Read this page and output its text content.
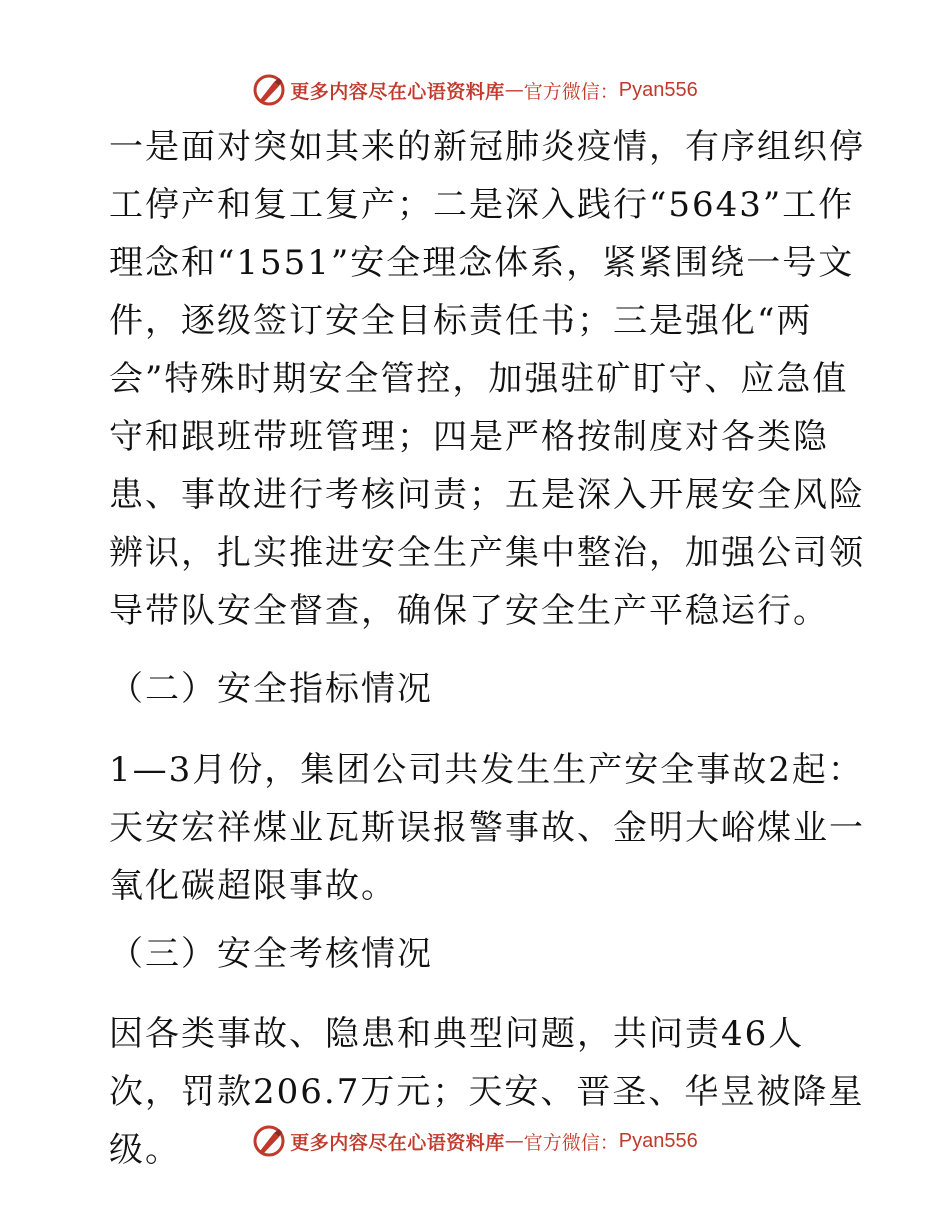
更多内容尽在心语资料库 — 官方微信： Pyan556
一是面对突如其来的新冠肺炎疫情，有序组织停工停产和复工复产；二是深入践行“5643”工作理念和“1551”安全理念体系，紧紧围绕一号文件，逐级签订安全目标责任书；三是强化“两会”特殊时期安全管控，加强驻矿盯守、应急值守和跟班带班管理；四是严格按制度对各类隐患、事故进行考核问责；五是深入开展安全风险辨识，扎实推进安全生产集中整治，加强公司领导带队安全督查，确保了安全生产平稳运行。
（二）安全指标情况
1—3月份，集团公司共发生生产安全事故2起：天安宏祥煤业瓦斯误报警事故、金明大峪煤业一氧化碳超限事故。
（三）安全考核情况
因各类事故、隐患和典型问题，共问责46人次，罚款206.7万元；天安、晋圣、华昱被降星级。	更多内容尽在心语资料库 — 官方微信： Pyan556
